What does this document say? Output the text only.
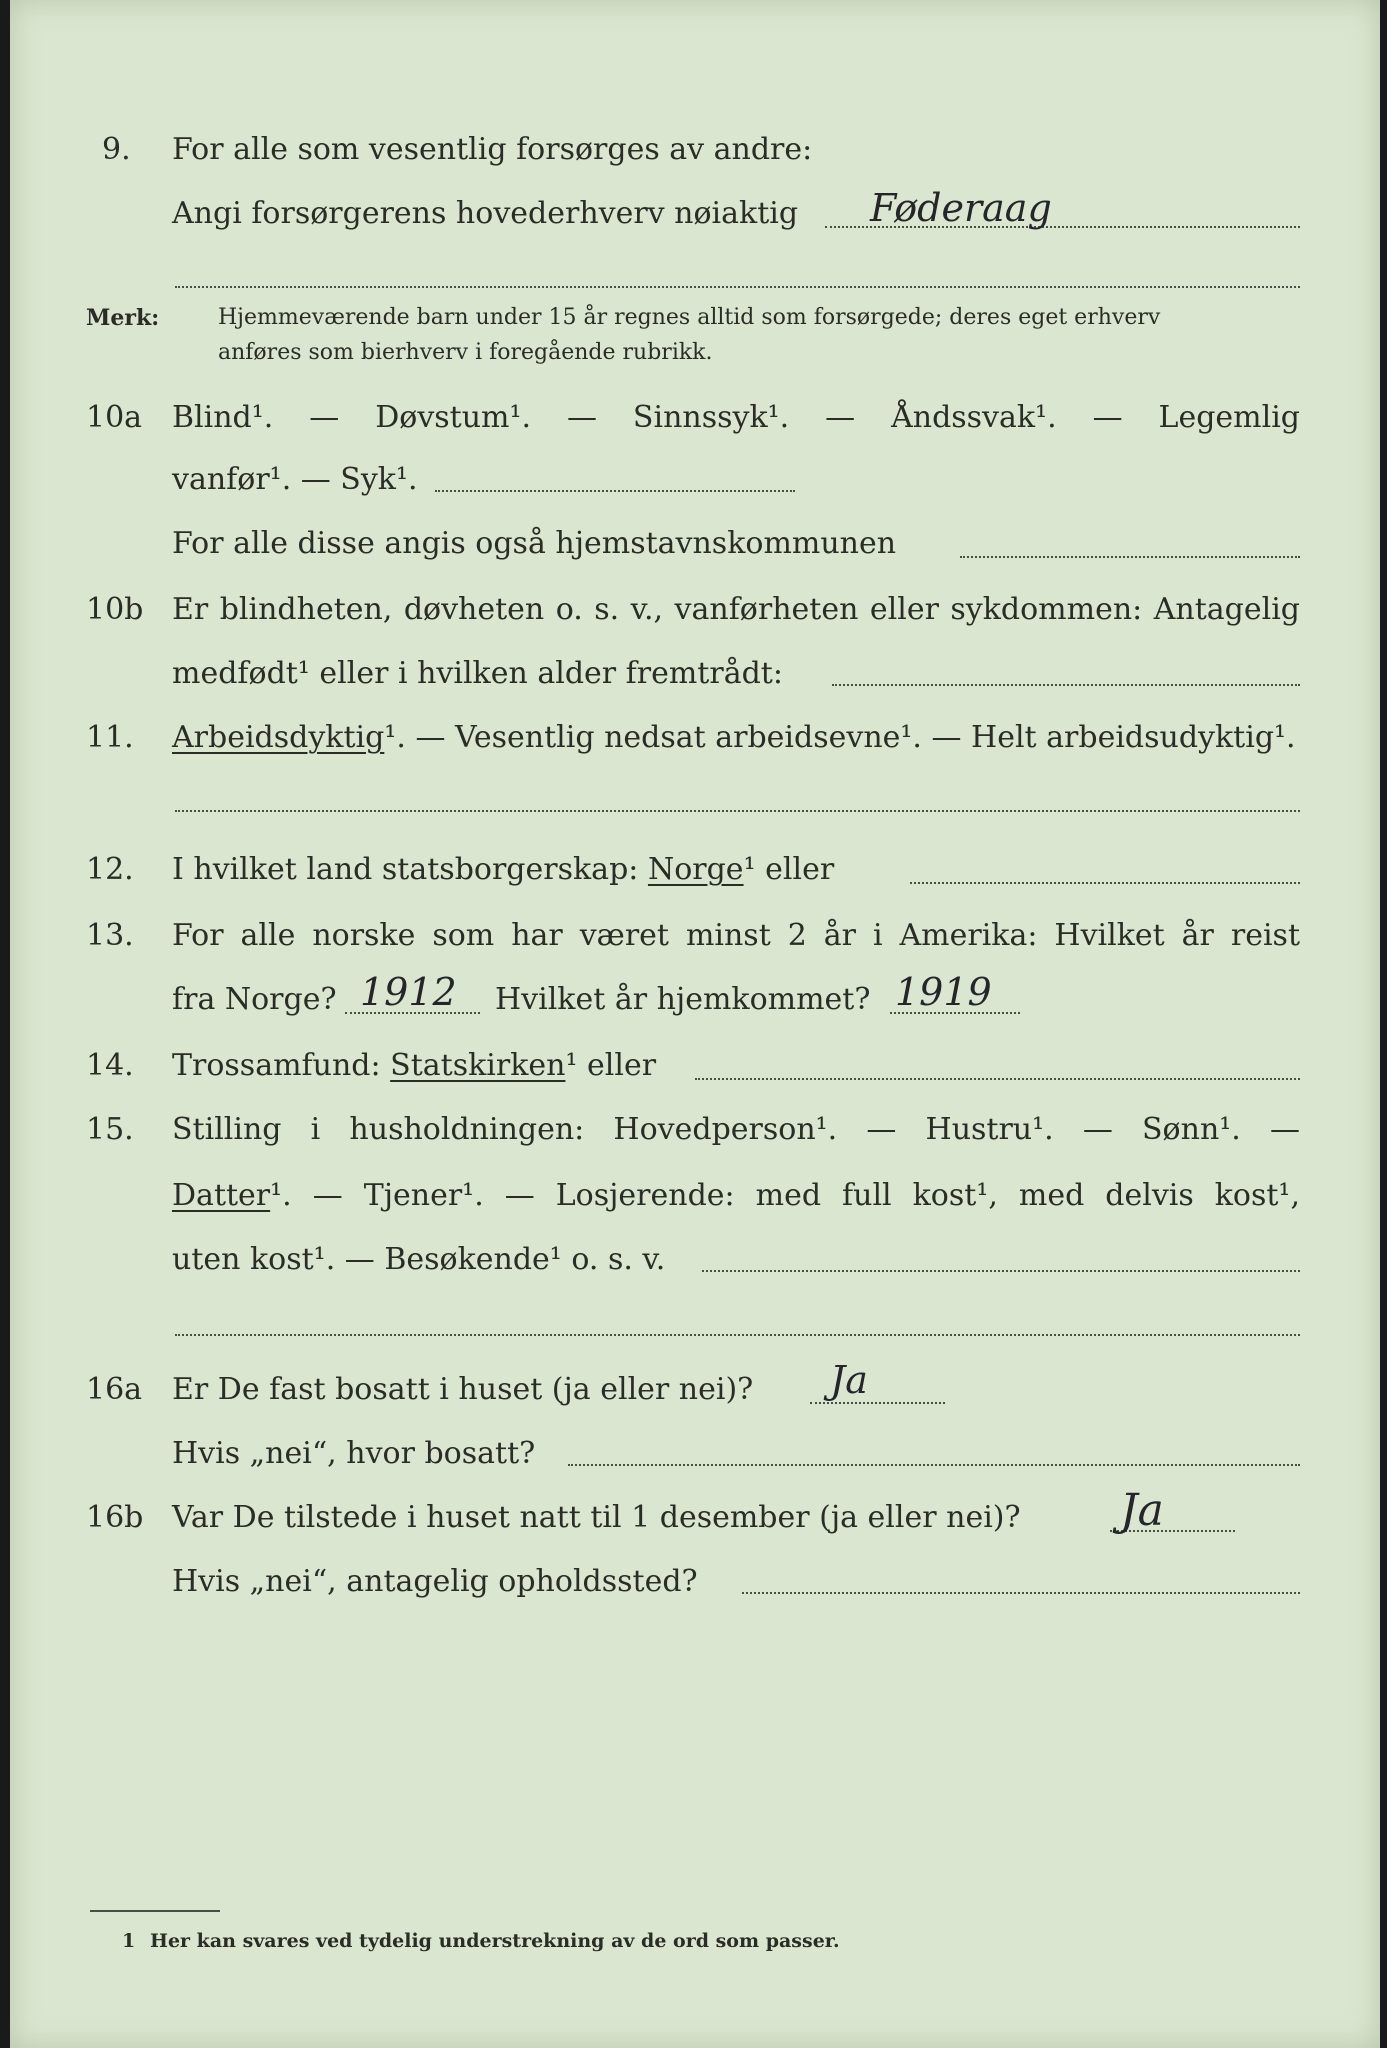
9. For alle som vesentlig forsørges av andre:
Angi forsørgerens hovederhverv nøiaktig Føderaag
Merk:	Hjemmeværende barn under 15 år regnes alltid som forsørgede; deres eget erhverv
anføres som bierhverv i foregående rubrikk.
10a Blind¹. — Døvstum¹. — Sinnssyk¹. — Åndssvak¹. — Legemlig
vanfør¹. — Syk¹.
For alle disse angis også hjemstavnskommunen
10b Er blindheten, døvheten o. s. v., vanførheten eller sykdommen: Antagelig
medfødt¹ eller i hvilken alder fremtrådt:
11. Arbeidsdyktig¹. — Vesentlig nedsat arbeidsevne¹. — Helt arbeidsudyktig¹.
12. I hvilket land statsborgerskap: Norge¹ eller
13. For alle norske som har været minst 2 år i Amerika: Hvilket år reist
fra Norge? 1912 Hvilket år hjemkommet? 1919
14. Trossamfund: Statskirken¹ eller
15. Stilling i husholdningen: Hovedperson¹. — Hustru¹. — Sønn¹. —
Datter ¹. — Tjener¹. — Losjerende: med full kost¹, med delvis kost¹,
uten kost¹. — Besøkende¹ o. s. v.
16a Er De fast bosatt i huset (ja eller nei)? Ja
Hvis „nei“, hvor bosatt?
16b Var De tilstede i huset natt til 1 desember (ja eller nei)? Ja
Hvis „nei“, antagelig opholdssted?
1 Her kan svares ved tydelig understrekning av de ord som passer.
